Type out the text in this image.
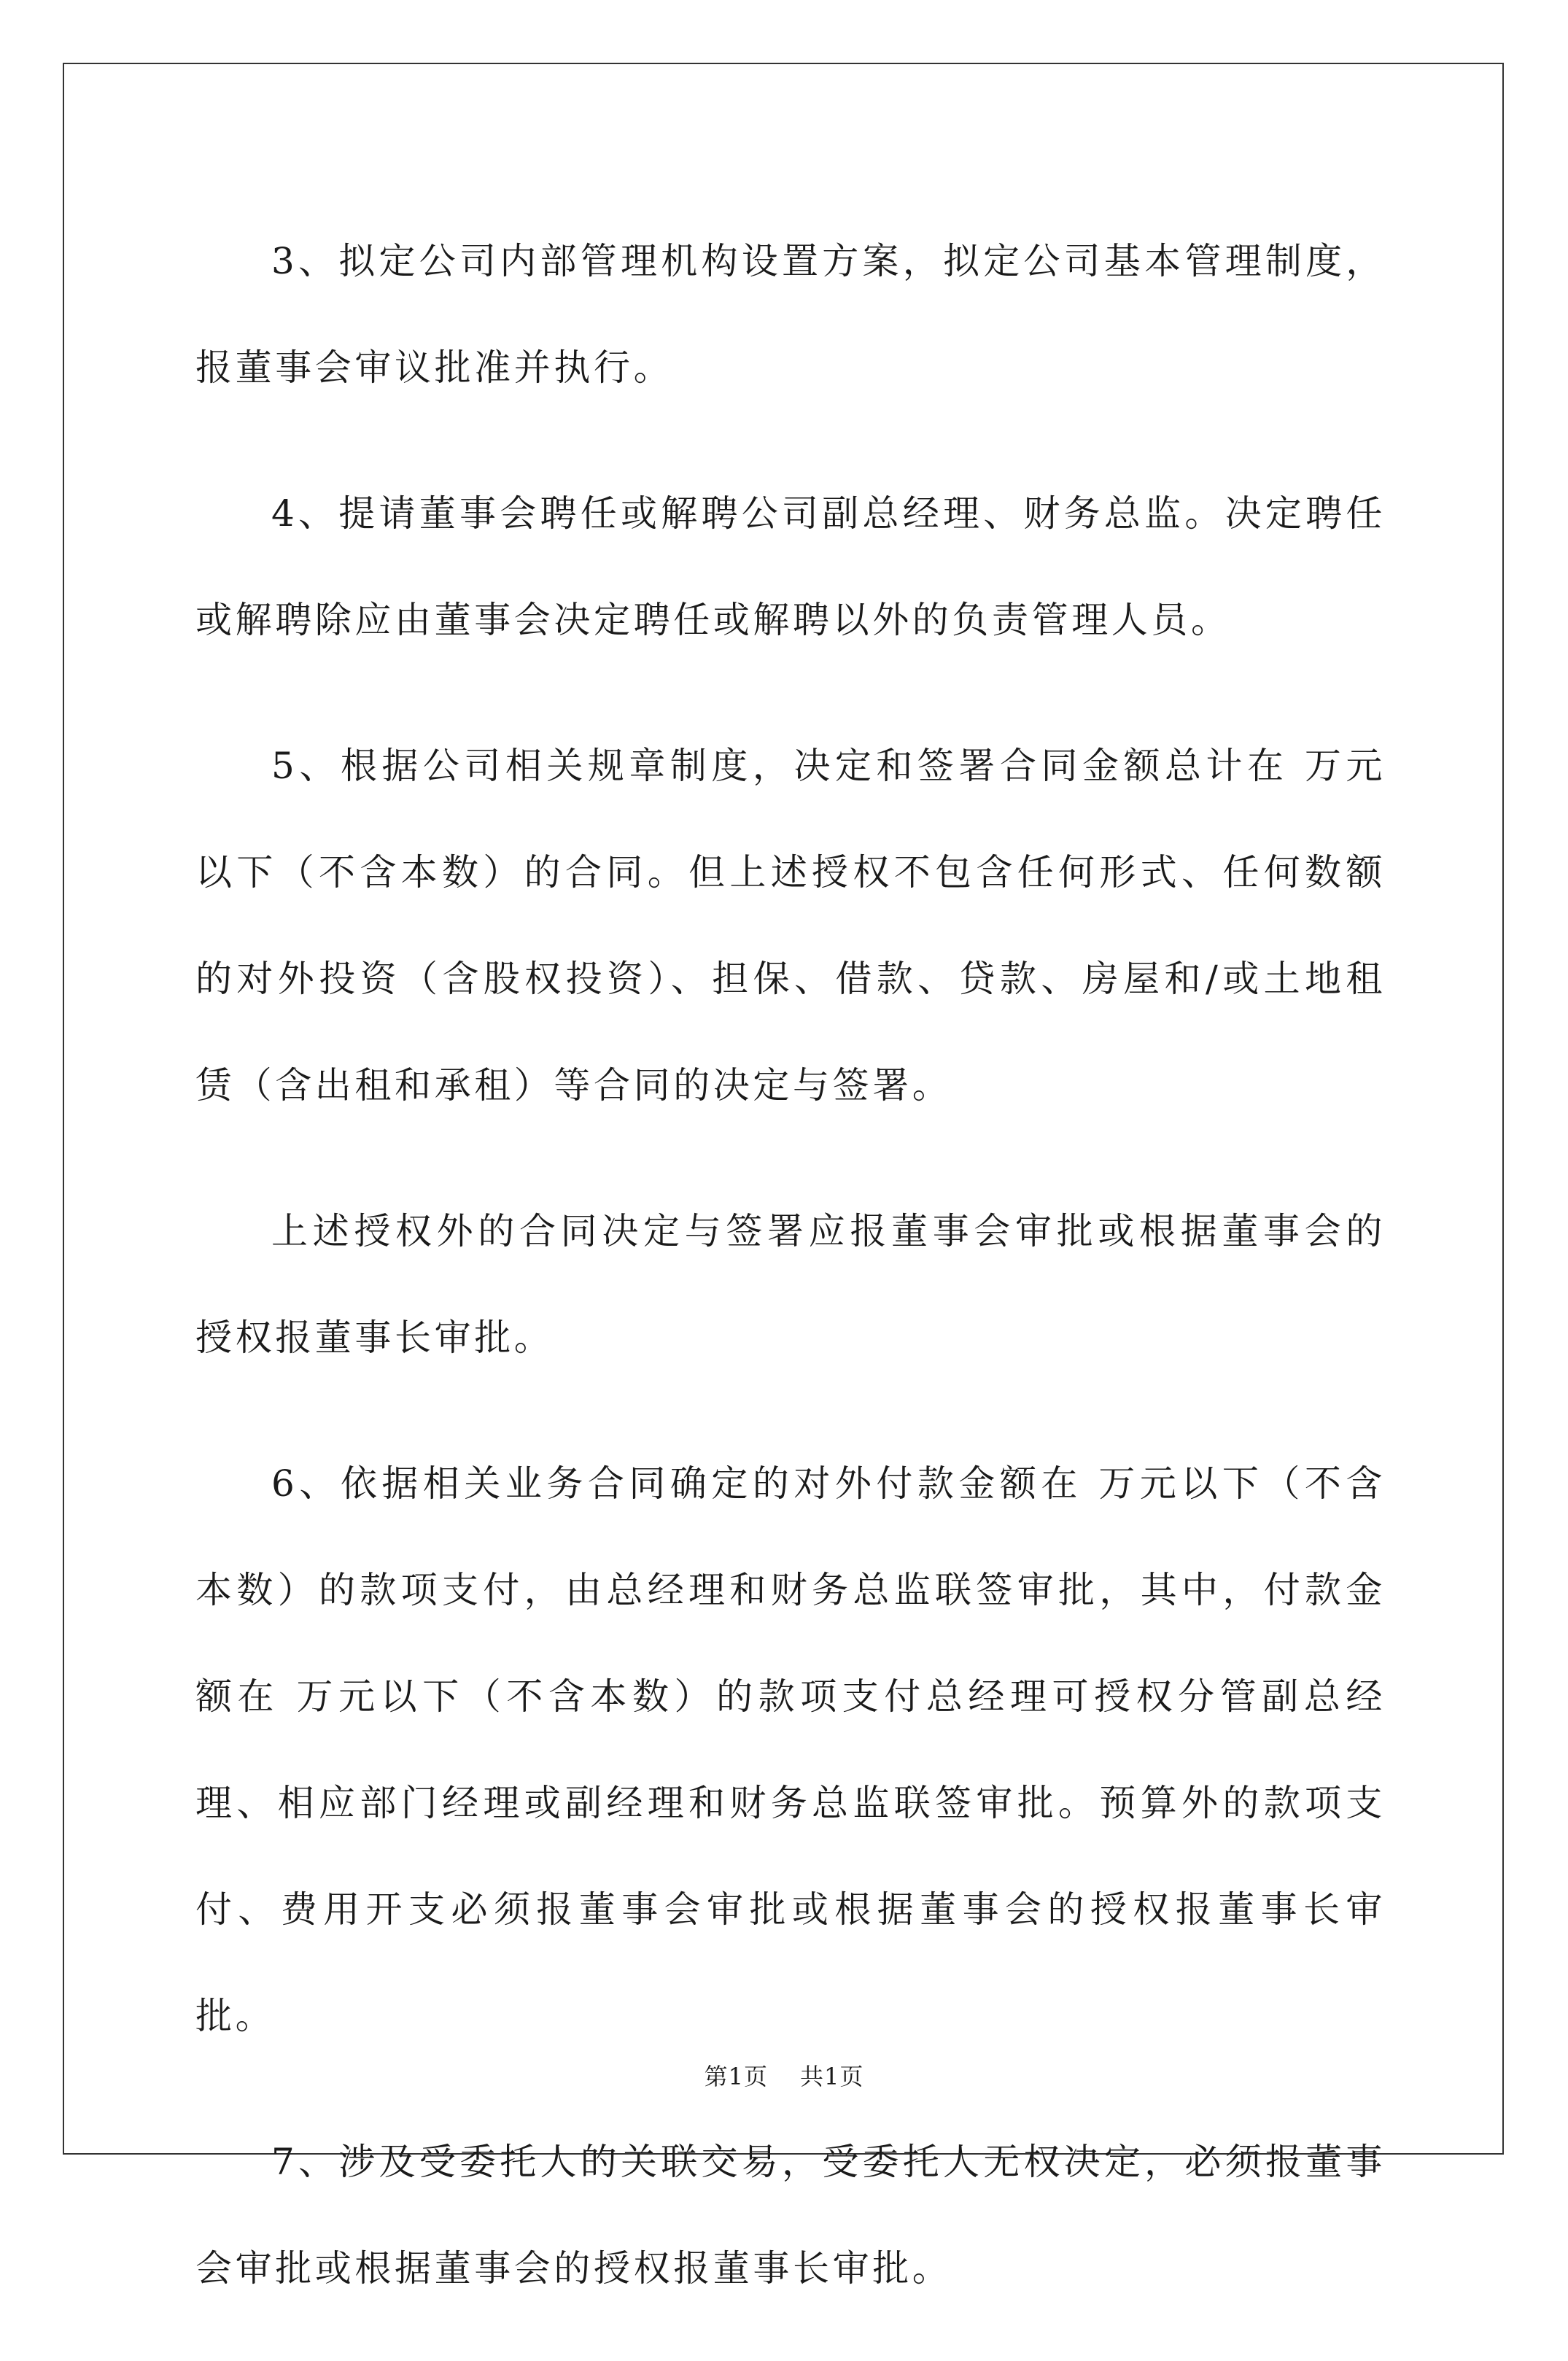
3、拟定公司内部管理机构设置方案，拟定公司基本管理制度，报董事会审议批准并执行。

4、提请董事会聘任或解聘公司副总经理、财务总监。决定聘任或解聘除应由董事会决定聘任或解聘以外的负责管理人员。

5、根据公司相关规章制度，决定和签署合同金额总计在 万元以下（不含本数）的合同。但上述授权不包含任何形式、任何数额的对外投资（含股权投资）、担保、借款、贷款、房屋和/或土地租赁（含出租和承租）等合同的决定与签署。

上述授权外的合同决定与签署应报董事会审批或根据董事会的授权报董事长审批。

6、依据相关业务合同确定的对外付款金额在 万元以下（不含本数）的款项支付，由总经理和财务总监联签审批，其中，付款金额在 万元以下（不含本数）的款项支付总经理可授权分管副总经理、相应部门经理或副经理和财务总监联签审批。预算外的款项支付、费用开支必须报董事会审批或根据董事会的授权报董事长审批。

7、涉及受委托人的关联交易，受委托人无权决定，必须报董事会审批或根据董事会的授权报董事长审批。

第1页 共1页
